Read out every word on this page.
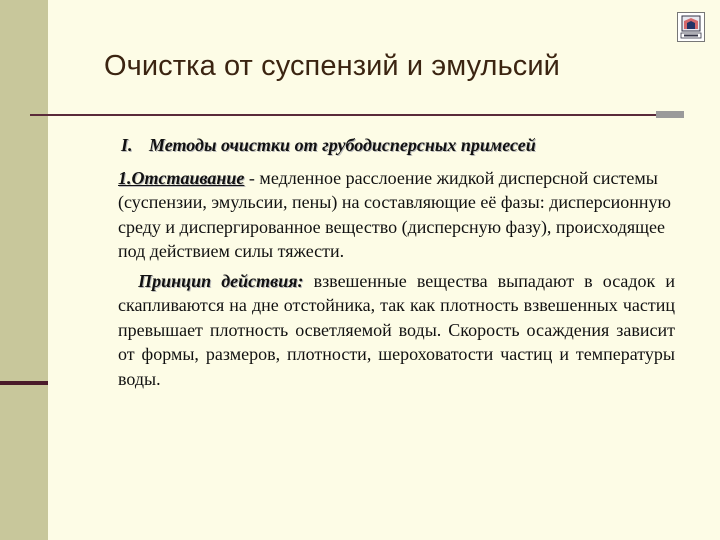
Очистка от суспензий и эмульсий
I. Методы очистки от грубодисперсных примесей
1.Отстаивание - медленное расслоение жидкой дисперсной системы (суспензии, эмульсии, пены) на составляющие её фазы: дисперсионную среду и диспергированное вещество (дисперсную фазу), происходящее под действием силы тяжести.
Принцип действия: взвешенные вещества выпадают в осадок и скапливаются на дне отстойника, так как плотность взвешенных частиц превышает плотность осветляемой воды. Скорость осаждения зависит от формы, размеров, плотности, шероховатости частиц и температуры воды.
